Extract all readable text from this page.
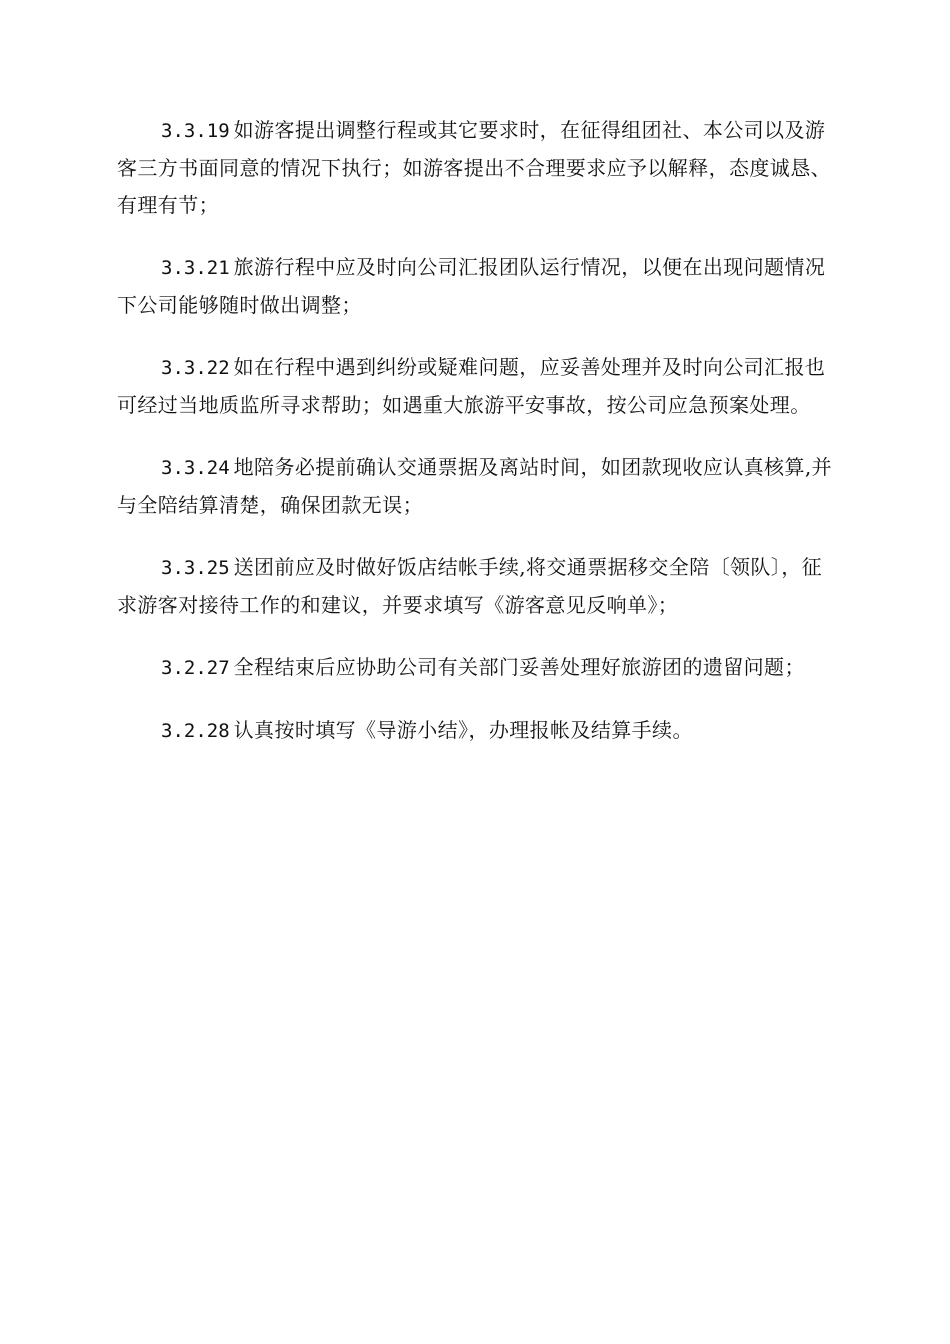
3.3.19 如游客提出调整行程或其它要求时，在征得组团社、本公司以及游客三方书面同意的情况下执行；如游客提出不合理要求应予以解释，态度诚恳、有理有节；

3.3.21 旅游行程中应及时向公司汇报团队运行情况，以便在出现问题情况下公司能够随时做出调整；

3.3.22 如在行程中遇到纠纷或疑难问题，应妥善处理并及时向公司汇报也可经过当地质监所寻求帮助；如遇重大旅游平安事故，按公司应急预案处理。

3.3.24 地陪务必提前确认交通票据及离站时间，如团款现收应认真核算,并与全陪结算清楚，确保团款无误；

3.3.25 送团前应及时做好饭店结帐手续,将交通票据移交全陪〔领队〕，征求游客对接待工作的和建议，并要求填写《游客意见反响单》；

3.2.27 全程结束后应协助公司有关部门妥善处理好旅游团的遗留问题；

3.2.28 认真按时填写《导游小结》，办理报帐及结算手续。
